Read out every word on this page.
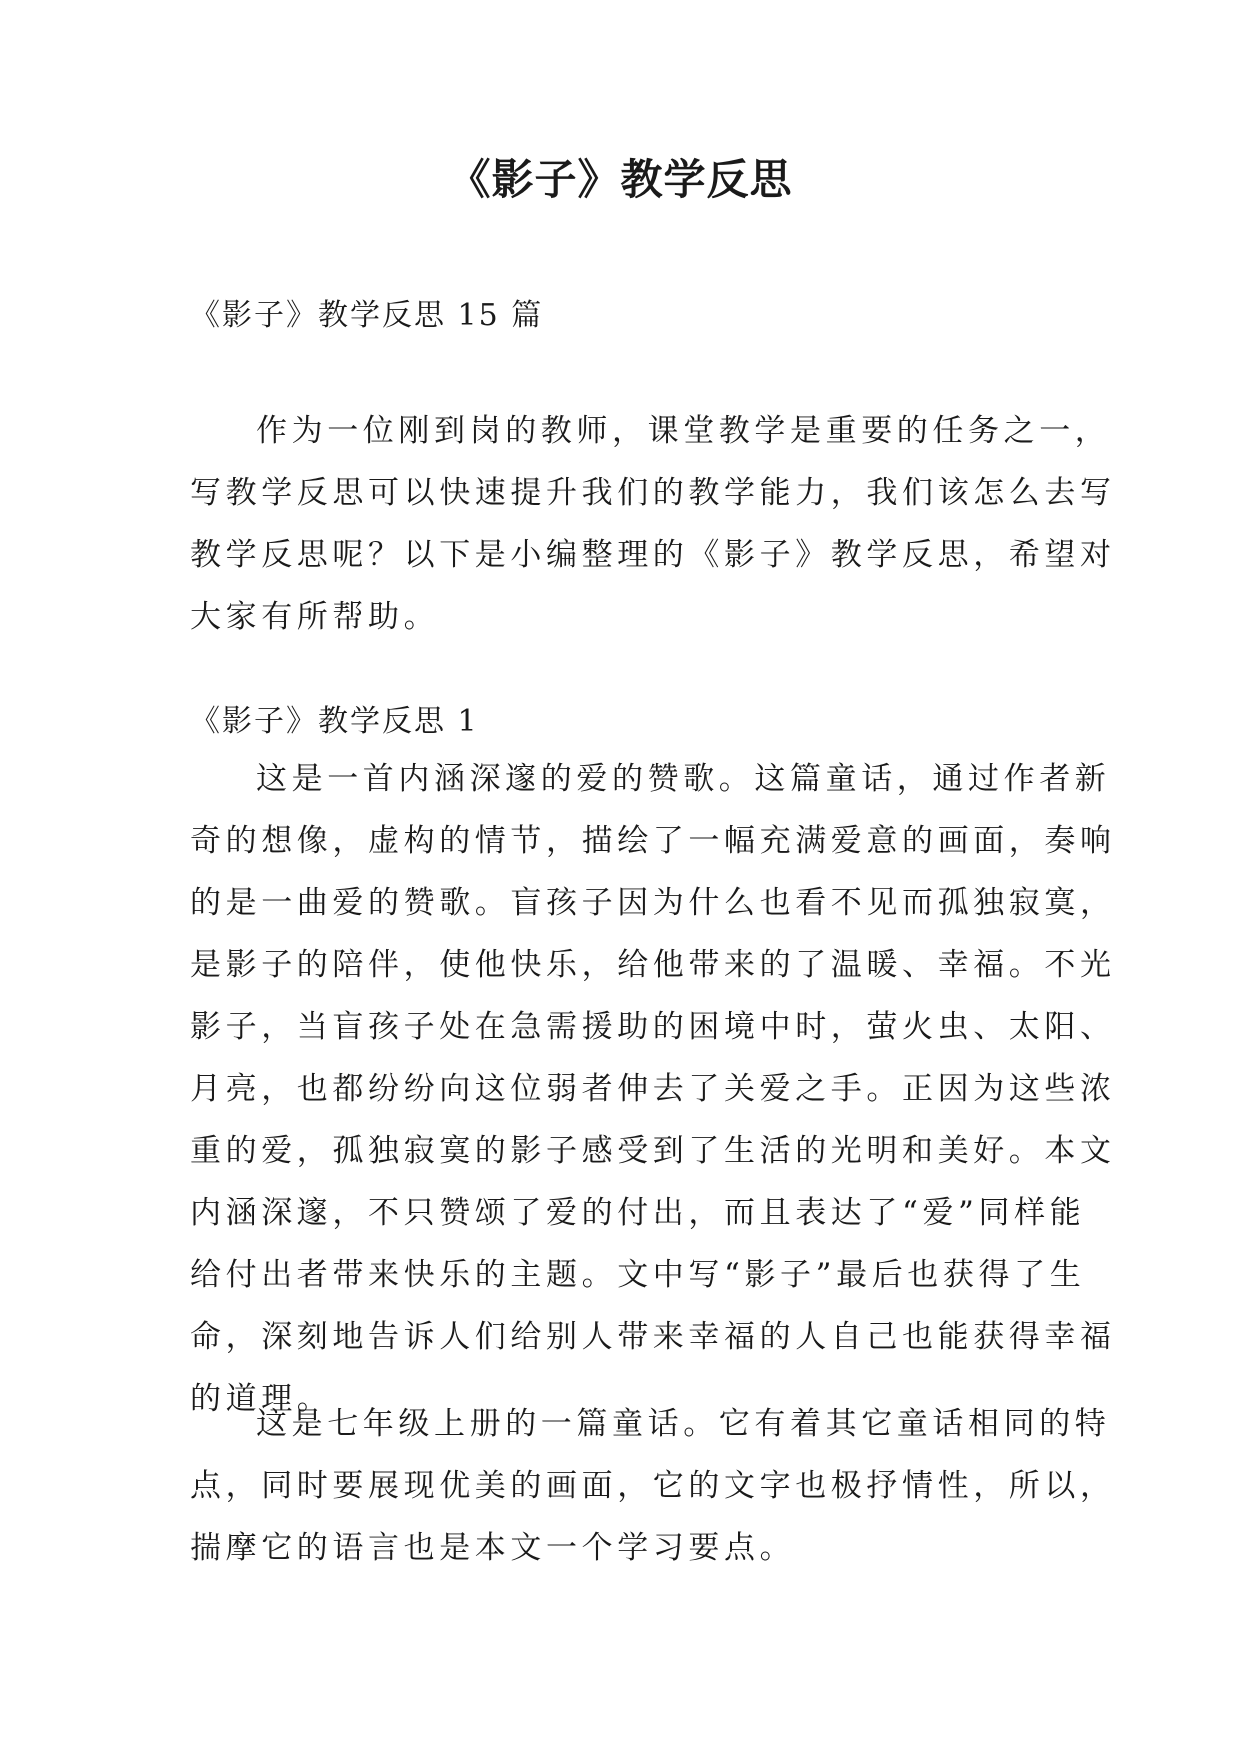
《影子》教学反思

《影子》教学反思 15 篇

作为一位刚到岗的教师，课堂教学是重要的任务之一，
写教学反思可以快速提升我们的教学能力，我们该怎么去写
教学反思呢？以下是小编整理的《影子》教学反思，希望对
大家有所帮助。

《影子》教学反思 1

这是一首内涵深邃的爱的赞歌。这篇童话，通过作者新
奇的想像，虚构的情节，描绘了一幅充满爱意的画面，奏响
的是一曲爱的赞歌。盲孩子因为什么也看不见而孤独寂寞，
是影子的陪伴，使他快乐，给他带来的了温暖、幸福。不光
影子，当盲孩子处在急需援助的困境中时，萤火虫、太阳、
月亮，也都纷纷向这位弱者伸去了关爱之手。正因为这些浓
重的爱，孤独寂寞的影子感受到了生活的光明和美好。本文
内涵深邃，不只赞颂了爱的付出，而且表达了“爱”同样能
给付出者带来快乐的主题。文中写“影子”最后也获得了生
命，深刻地告诉人们给别人带来幸福的人自己也能获得幸福
的道理。
这是七年级上册的一篇童话。它有着其它童话相同的特
点，同时要展现优美的画面，它的文字也极抒情性，所以，
揣摩它的语言也是本文一个学习要点。
